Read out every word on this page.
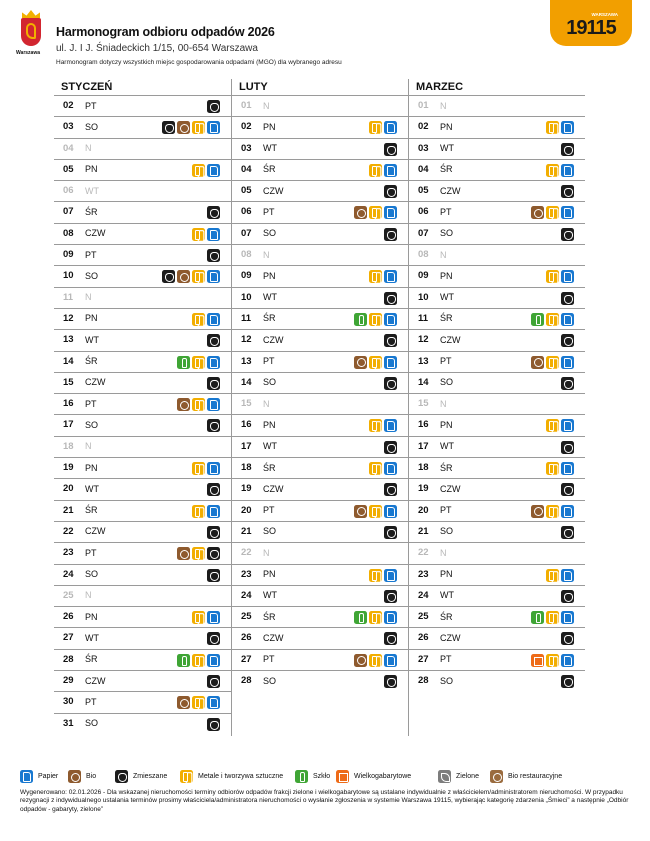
Warszawa
Harmonogram odbioru odpadów 2026
ul. J. I J. Śniadeckich 1/15, 00-654 Warszawa
Harmonogram dotyczy wszystkich miejsc gospodarowania odpadami (MGO) dla wybranego adresu
WARSZAWA
19115
STYCZEŃ
02	PT
03	SO
04	N
05	PN
06	WT
07	ŚR
08	CZW
09	PT
10	SO
11	N
12	PN
13	WT
14	ŚR
15	CZW
16	PT
17	SO
18	N
19	PN
20	WT
21	ŚR
22	CZW
23	PT
24	SO
25	N
26	PN
27	WT
28	ŚR
29	CZW
30	PT
31	SO
LUTY
01	N
02	PN
03	WT
04	ŚR
05	CZW
06	PT
07	SO
08	N
09	PN
10	WT
11	ŚR
12	CZW
13	PT
14	SO
15	N
16	PN
17	WT
18	ŚR
19	CZW
20	PT
21	SO
22	N
23	PN
24	WT
25	ŚR
26	CZW
27	PT
28	SO
MARZEC
01	N
02	PN
03	WT
04	ŚR
05	CZW
06	PT
07	SO
08	N
09	PN
10	WT
11	ŚR
12	CZW
13	PT
14	SO
15	N
16	PN
17	WT
18	ŚR
19	CZW
20	PT
21	SO
22	N
23	PN
24	WT
25	ŚR
26	CZW
27	PT
28	SO
Papier	Bio	Zmieszane	Metale i tworzywa sztuczne	Szkło	Wielkogabarytowe	Zielone	Bio restauracyjne
Wygenerowano: 02.01.2026 - Dla wskazanej nieruchomości terminy odbiorów odpadów frakcji zielone i wielkogabarytowe są ustalane indywidualnie z właścicielem/administratorem nieruchomości. W przypadku rezygnacji z indywidualnego ustalania terminów prosimy właściciela/administratora nieruchomości o wysłanie zgłoszenia w systemie Warszawa 19115, wybierając kategorię zdarzenia „Śmieci” a następnie „Odbiór odpadów - gabaryty, zielone”
